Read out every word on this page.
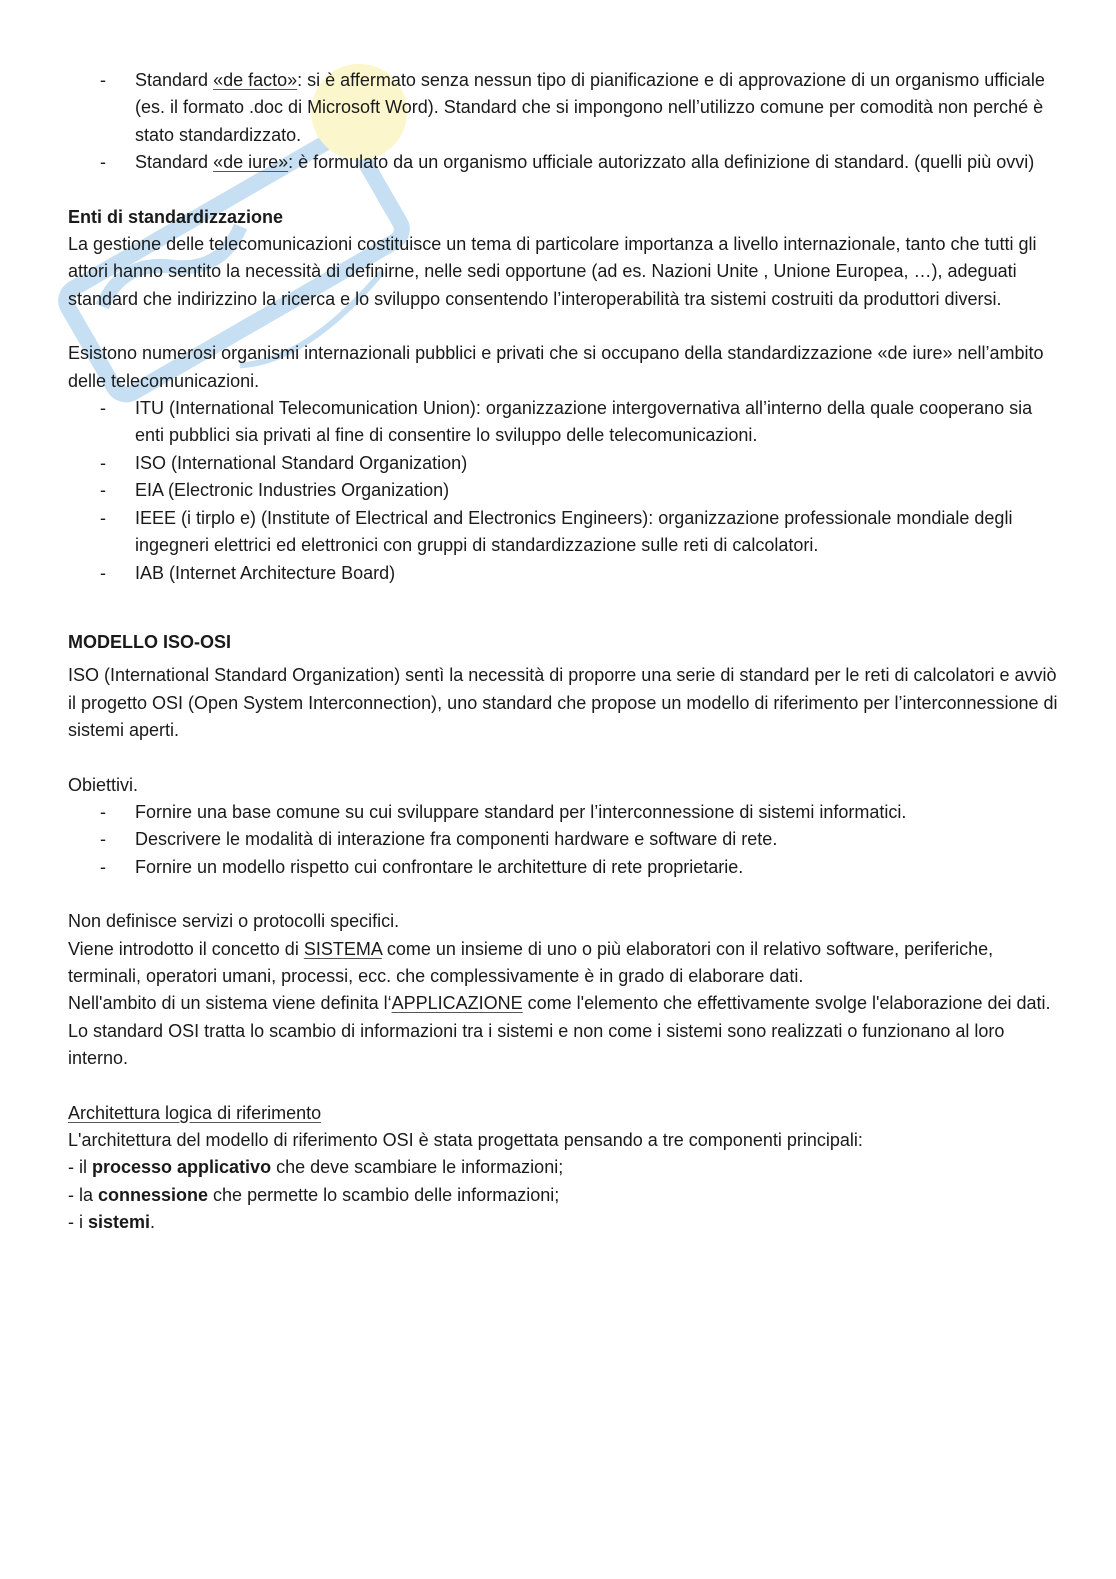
- Standard «de facto»: si è affermato senza nessun tipo di pianificazione e di approvazione di un organismo ufficiale (es. il formato .doc di Microsoft Word). Standard che si impongono nell’utilizzo comune per comodità non perché è stato standardizzato.
- Standard «de iure»: è formulato da un organismo ufficiale autorizzato alla definizione di standard. (quelli più ovvi)

Enti di standardizzazione

La gestione delle telecomunicazioni costituisce un tema di particolare importanza a livello internazionale, tanto che tutti gli attori hanno sentito la necessità di definirne, nelle sedi opportune (ad es. Nazioni Unite , Unione Europea, …), adeguati standard che indirizzino la ricerca e lo sviluppo consentendo l’interoperabilità tra sistemi costruiti da produttori diversi.

Esistono numerosi organismi internazionali pubblici e privati che si occupano della standardizzazione «de iure» nell’ambito delle telecomunicazioni.

- ITU (International Telecomunication Union): organizzazione intergovernativa all’interno della quale cooperano sia enti pubblici sia privati al fine di consentire lo sviluppo delle telecomunicazioni.
- ISO (International Standard Organization)
- EIA (Electronic Industries Organization)
- IEEE (i tirplo e) (Institute of Electrical and Electronics Engineers): organizzazione professionale mondiale degli ingegneri elettrici ed elettronici con gruppi di standardizzazione sulle reti di calcolatori.
- IAB (Internet Architecture Board)

MODELLO ISO-OSI

ISO (International Standard Organization) sentì la necessità di proporre una serie di standard per le reti di calcolatori e avviò il progetto OSI (Open System Interconnection), uno standard che propose un modello di riferimento per l’interconnessione di sistemi aperti.

Obiettivi.

- Fornire una base comune su cui sviluppare standard per l’interconnessione di sistemi informatici.
- Descrivere le modalità di interazione fra componenti hardware e software di rete.
- Fornire un modello rispetto cui confrontare le architetture di rete proprietarie.

Non definisce servizi o protocolli specifici.

Viene introdotto il concetto di SISTEMA come un insieme di uno o più elaboratori con il relativo software, periferiche, terminali, operatori umani, processi, ecc. che complessivamente è in grado di elaborare dati.

Nell'ambito di un sistema viene definita l‘APPLICAZIONE come l'elemento che effettivamente svolge l'elaborazione dei dati.

Lo standard OSI tratta lo scambio di informazioni tra i sistemi e non come i sistemi sono realizzati o funzionano al loro interno.

Architettura logica di riferimento

L'architettura del modello di riferimento OSI è stata progettata pensando a tre componenti principali:

- il processo applicativo che deve scambiare le informazioni;

- la connessione che permette lo scambio delle informazioni;

- i sistemi.
